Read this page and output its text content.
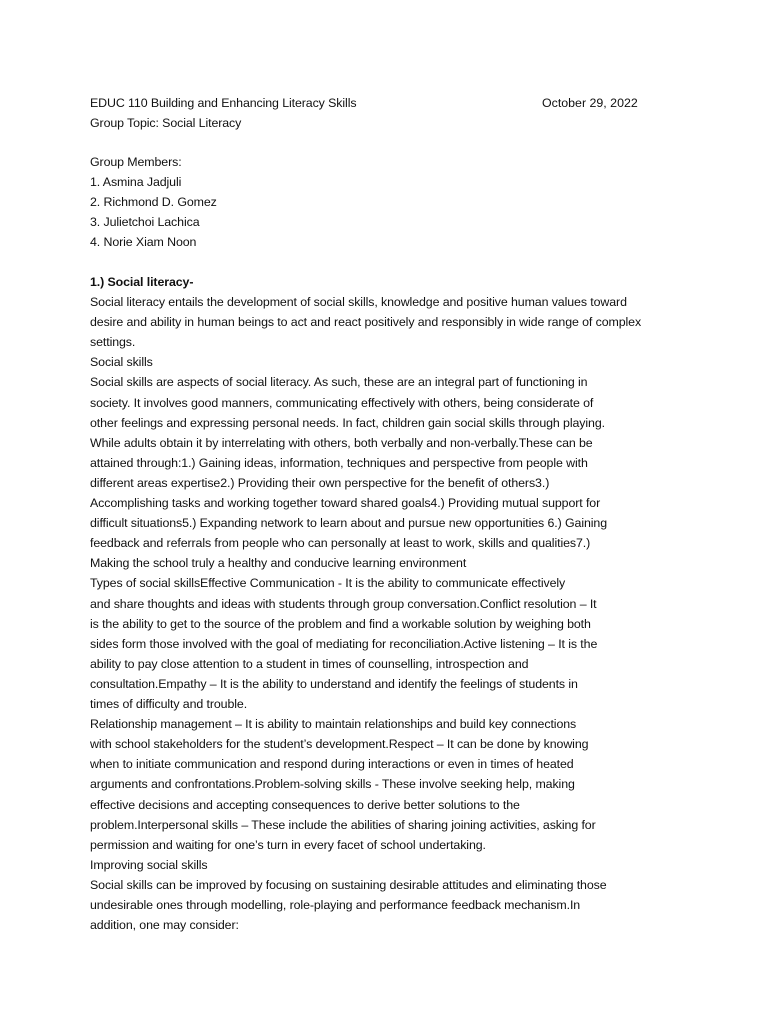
EDUC 110 Building and Enhancing Literacy Skills	October 29, 2022
Group Topic: Social Literacy
Group Members:
1. Asmina Jadjuli
2. Richmond D. Gomez
3. Julietchoi Lachica
4. Norie Xiam Noon
1.) Social literacy-
Social literacy entails the development of social skills, knowledge and positive human values toward
desire and ability in human beings to act and react positively and responsibly in wide range of complex
settings.
Social skills
Social skills are aspects of social literacy. As such, these are an integral part of functioning in
society. It involves good manners, communicating effectively with others, being considerate of
other feelings and expressing personal needs. In fact, children gain social skills through playing.
While adults obtain it by interrelating with others, both verbally and non-verbally.These can be
attained through:1.) Gaining ideas, information, techniques and perspective from people with
different areas expertise2.) Providing their own perspective for the benefit of others3.)
Accomplishing tasks and working together toward shared goals4.) Providing mutual support for
difficult situations5.) Expanding network to learn about and pursue new opportunities 6.) Gaining
feedback and referrals from people who can personally at least to work, skills and qualities7.)
Making the school truly a healthy and conducive learning environment
Types of social skillsEffective Communication - It is the ability to communicate effectively
and share thoughts and ideas with students through group conversation.Conflict resolution – It
is the ability to get to the source of the problem and find a workable solution by weighing both
sides form those involved with the goal of mediating for reconciliation.Active listening – It is the
ability to pay close attention to a student in times of counselling, introspection and
consultation.Empathy – It is the ability to understand and identify the feelings of students in
times of difficulty and trouble.
Relationship management – It is ability to maintain relationships and build key connections
with school stakeholders for the student’s development.Respect – It can be done by knowing
when to initiate communication and respond during interactions or even in times of heated
arguments and confrontations.Problem-solving skills - These involve seeking help, making
effective decisions and accepting consequences to derive better solutions to the
problem.Interpersonal skills – These include the abilities of sharing joining activities, asking for
permission and waiting for one’s turn in every facet of school undertaking.
Improving social skills
Social skills can be improved by focusing on sustaining desirable attitudes and eliminating those
undesirable ones through modelling, role-playing and performance feedback mechanism.In
addition, one may consider:
